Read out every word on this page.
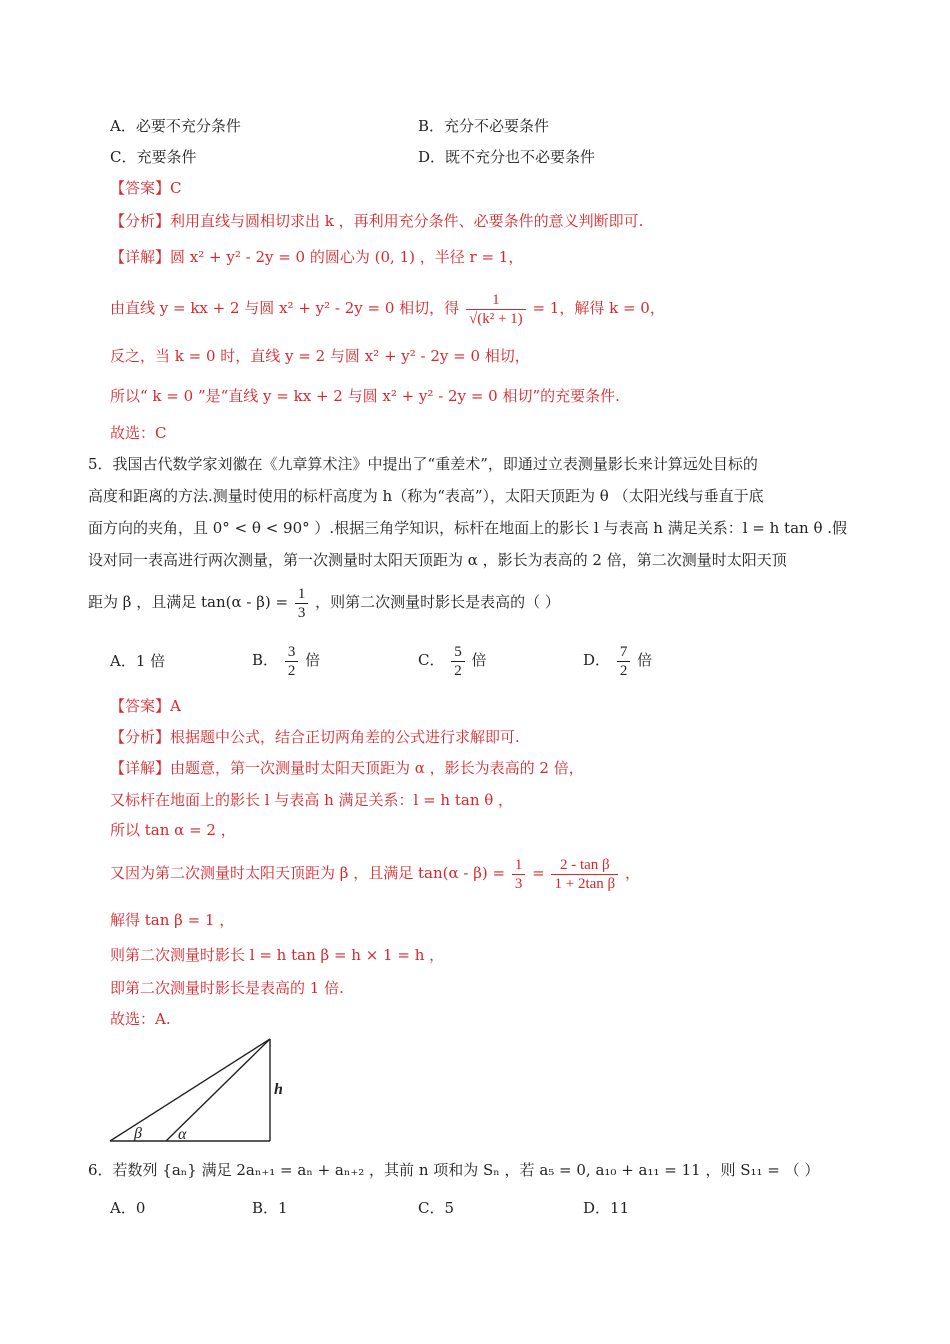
A．必要不充分条件	B．充分不必要条件
C．充要条件	D．既不充分也不必要条件
【答案】C
【分析】利用直线与圆相切求出 k ，再利用充分条件、必要条件的意义判断即可.
【详解】圆 x² + y² - 2y = 0 的圆心为 (0, 1) ，半径 r = 1，
由直线 y = kx + 2 与圆 x² + y² - 2y = 0 相切，得 $\frac{1}{\text{√(k² + 1)}} = 1$，解得 k = 0，
反之，当 k = 0 时，直线 y = 2 与圆 x² + y² - 2y = 0 相切，
所以“ k = 0 ”是“直线 y = kx + 2 与圆 x² + y² - 2y = 0 相切”的充要条件.
故选：C
5．我国古代数学家刘徽在《九章算术注》中提出了“重差术”，即通过立表测量影长来计算远处目标的
高度和距离的方法.测量时使用的标杆高度为 h（称为“表高”），太阳天顶距为 θ （太阳光线与垂直于底
面方向的夹角，且 0° < θ < 90° ）.根据三角学知识，标杆在地面上的影长 l 与表高 h 满足关系：l = h tan θ .假
设对同一表高进行两次测量，第一次测量时太阳天顶距为 α ，影长为表高的 2 倍，第二次测量时太阳天顶
距为 β ，且满足 $\tan(\alpha - \beta) = \frac{1}{3}$ ，则第二次测量时影长是表高的（ ）
A．1 倍	B． $\frac{3}{2}$ 倍	C． $\frac{5}{2}$ 倍	D． $\frac{7}{2}$ 倍
【答案】A
【分析】根据题中公式，结合正切两角差的公式进行求解即可.
【详解】由题意，第一次测量时太阳天顶距为 α ，影长为表高的 2 倍，
又标杆在地面上的影长 l 与表高 h 满足关系：l = h tan θ ，
所以 tan α = 2 ，
又因为第二次测量时太阳天顶距为 β ，且满足 $\tan(\alpha - \beta) = \frac{1}{3} = \frac{\text{2 - tan β}}{\text{1 + 2tan β}}$ ，
解得 tan β = 1 ，
则第二次测量时影长 l = h tan β = h × 1 = h ，
即第二次测量时影长是表高的 1 倍.
故选：A.
h
β α
6．若数列 {aₙ} 满足 2aₙ₊₁ = aₙ + aₙ₊₂ ，其前 n 项和为 Sₙ ，若 a₅ = 0, a₁₀ + a₁₁ = 11 ，则 S₁₁ = （ ）
A．0	B．1	C．5	D．11
